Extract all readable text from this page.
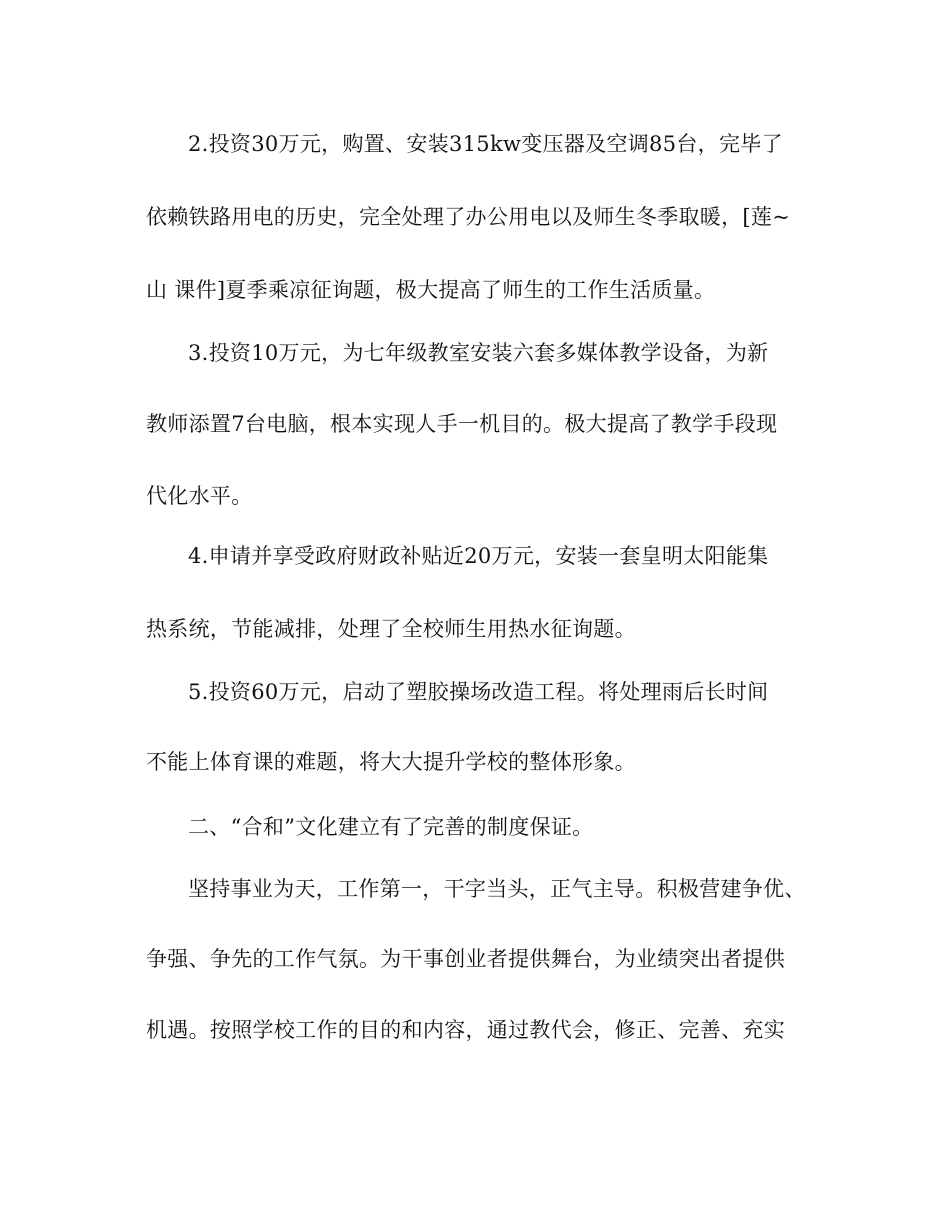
2.投资30万元，购置、安装315kw变压器及空调85台，完毕了
依赖铁路用电的历史，完全处理了办公用电以及师生冬季取暖，[莲~
山 课件]夏季乘凉征询题，极大提高了师生的工作生活质量。
3.投资10万元，为七年级教室安装六套多媒体教学设备，为新
教师添置7台电脑，根本实现人手一机目的。极大提高了教学手段现
代化水平。
4.申请并享受政府财政补贴近20万元，安装一套皇明太阳能集
热系统，节能减排，处理了全校师生用热水征询题。
5.投资60万元，启动了塑胶操场改造工程。将处理雨后长时间
不能上体育课的难题，将大大提升学校的整体形象。
二、“合和”文化建立有了完善的制度保证。
坚持事业为天，工作第一，干字当头，正气主导。积极营建争优、
争强、争先的工作气氛。为干事创业者提供舞台，为业绩突出者提供
机遇。按照学校工作的目的和内容，通过教代会，修正、完善、充实
